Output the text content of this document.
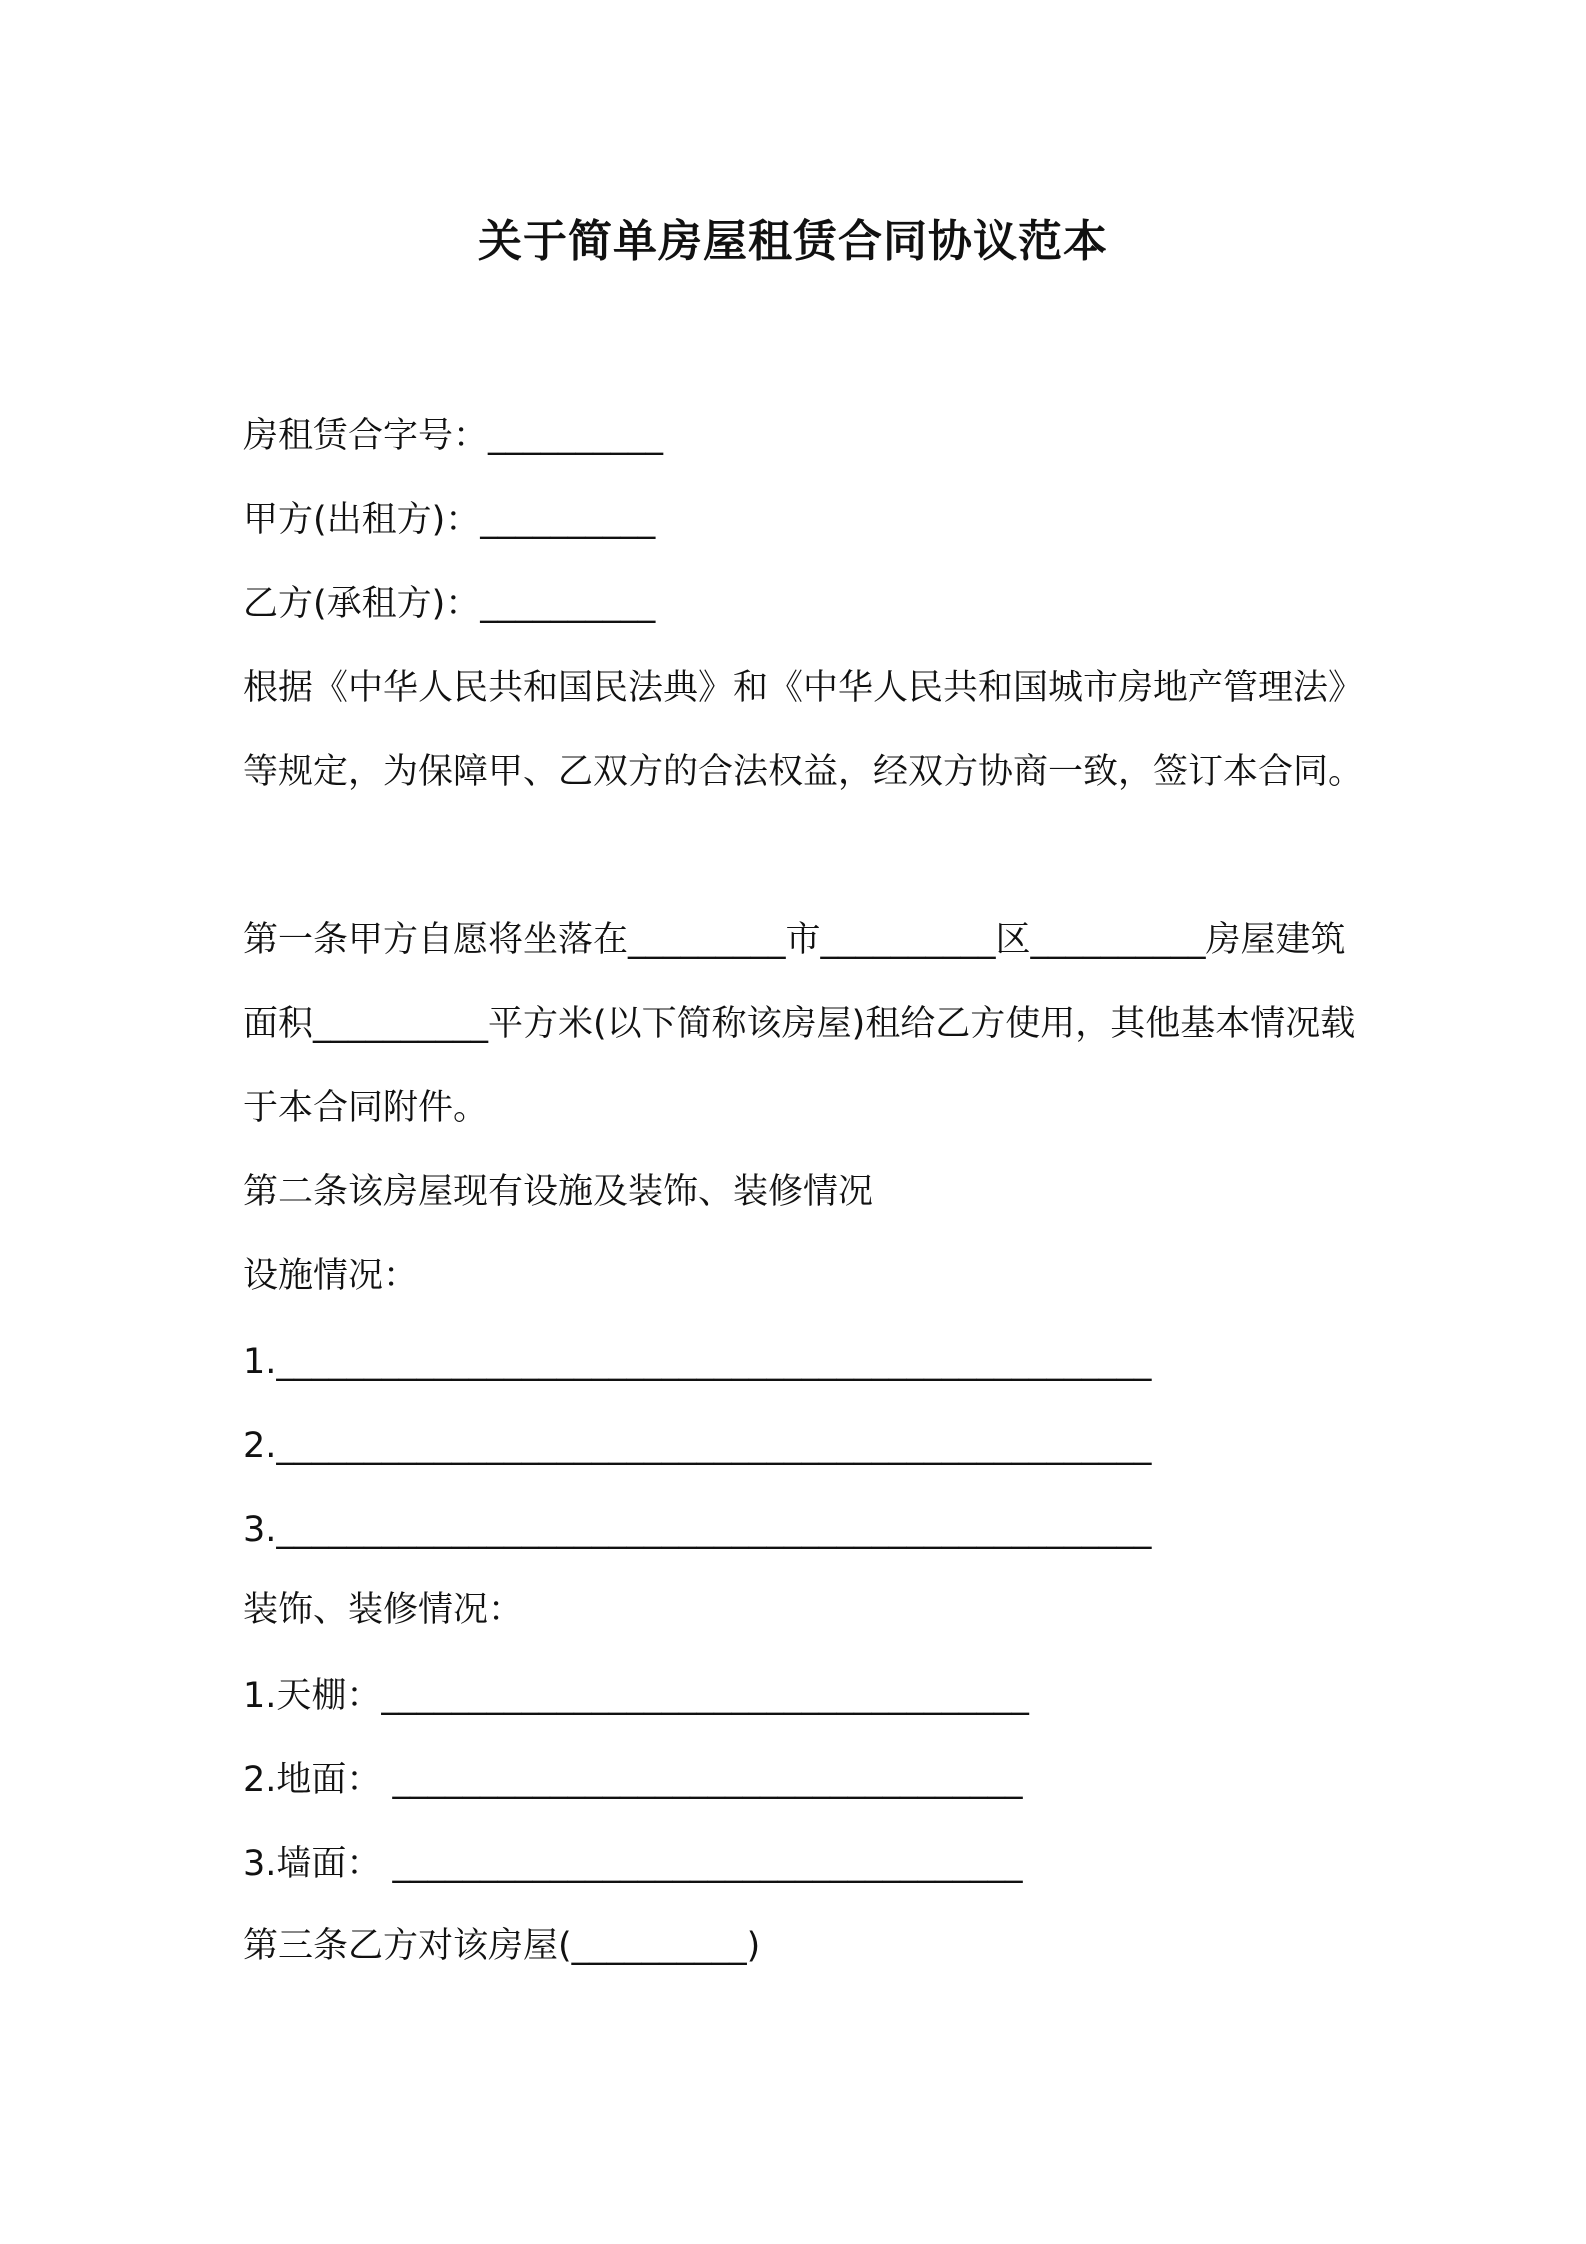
关于简单房屋租赁合同协议范本

房租赁合字号：__________

甲方(出租方)：__________

乙方(承租方)：__________

根据《中华人民共和国民法典》和《中华人民共和国城市房地产管理法》等规定，为保障甲、乙双方的合法权益，经双方协商一致，签订本合同。

第一条甲方自愿将坐落在_________市__________区__________房屋建筑面积__________平方米(以下简称该房屋)租给乙方使用，其他基本情况载于本合同附件。

第二条该房屋现有设施及装饰、装修情况

设施情况：

1.__________________________________________________

2.__________________________________________________

3.__________________________________________________

装饰、装修情况：

1.天棚：_____________________________________

2.地面： ____________________________________

3.墙面： ____________________________________

第三条乙方对该房屋(__________)
